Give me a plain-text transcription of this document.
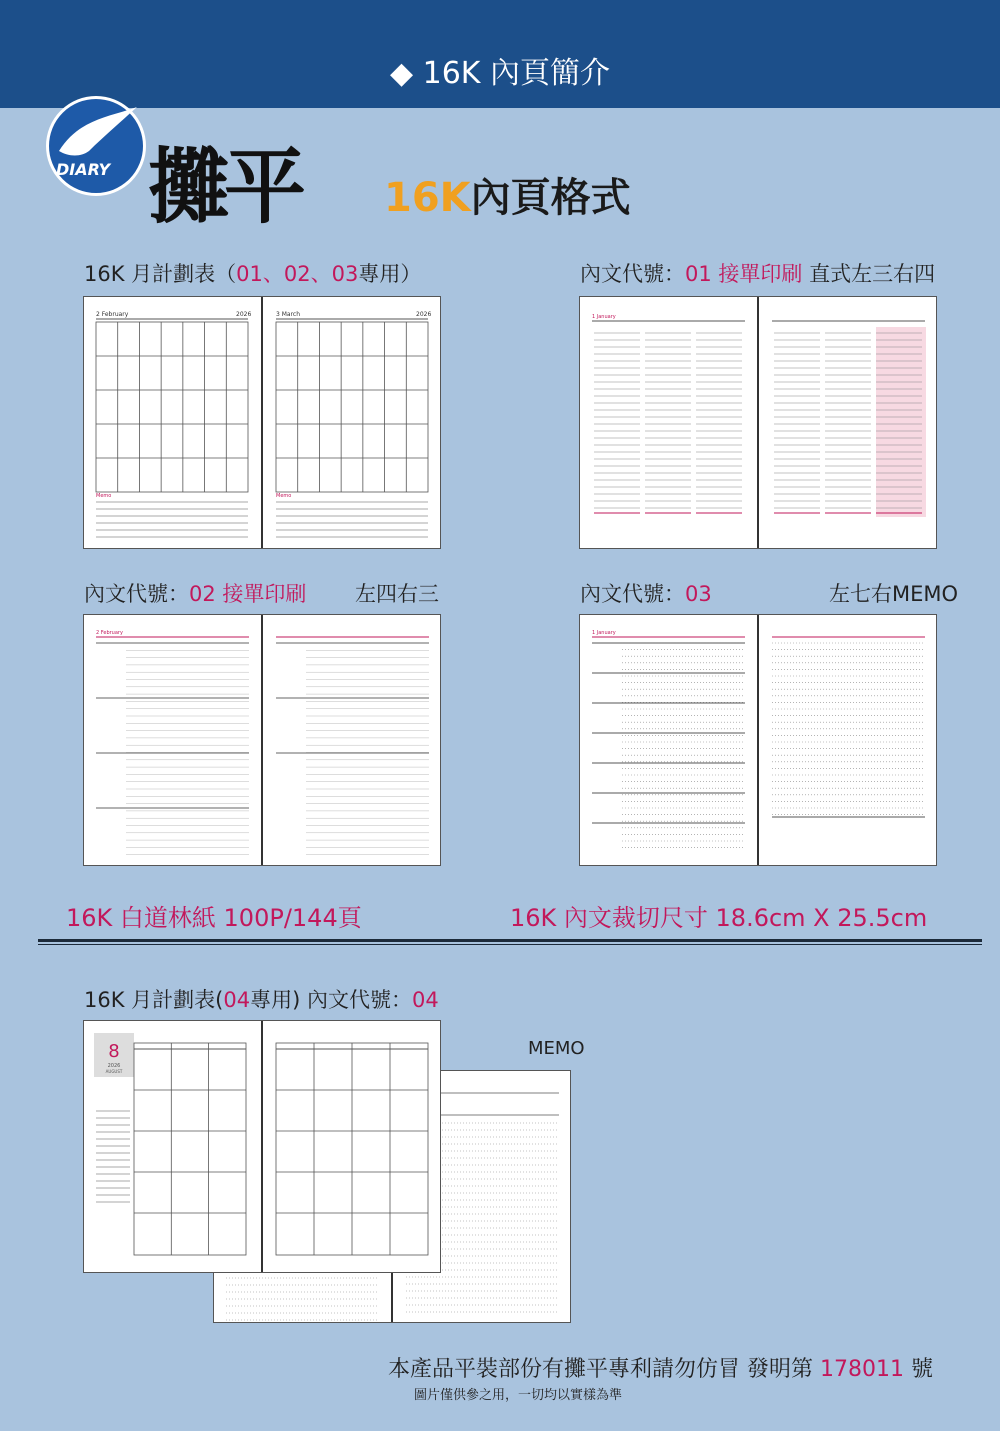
◆ 16K 內頁簡介
DIARY 攤平 16K內頁格式
16K 月計劃表（01、02、03專用）	內文代號：01 接單印刷 直式左三右四
2 February	2026	3 March	2026
Memo	Memo
1 January
內文代號：02 接單印刷 左四右三	內文代號：03	左七右MEMO
2 February	1 January
16K 白道林紙 100P/144頁	16K 內文裁切尺寸 18.6cm X 25.5cm
16K 月計劃表(04專用) 內文代號：04
MEMO
8
2026
AUGUST
本產品平裝部份有攤平專利請勿仿冒 發明第 178011 號
圖片僅供參之用，一切均以實樣為準
